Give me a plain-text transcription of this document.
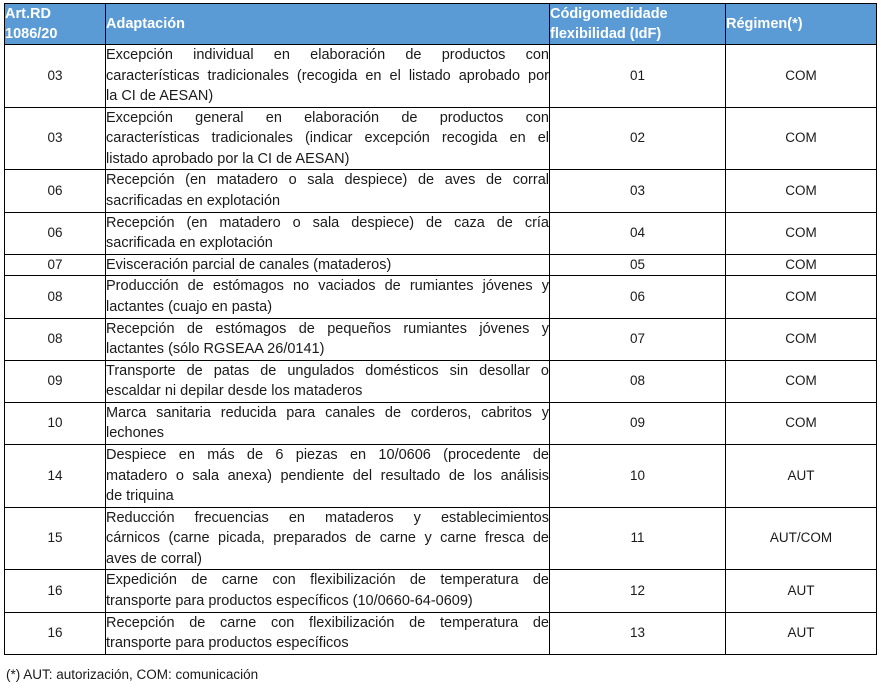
Art.RD
1086/20	Adaptación	Códigomedidade
flexibilidad (IdF)	Régimen(*)
03	Excepción individual en elaboración de productos con
características tradicionales (recogida en el listado aprobado por
la CI de AESAN)	01	COM
03	Excepción general en elaboración de productos con
características tradicionales (indicar excepción recogida en el
listado aprobado por la CI de AESAN)	02	COM
06	Recepción (en matadero o sala despiece) de aves de corral
sacrificadas en explotación	03	COM
06	Recepción (en matadero o sala despiece) de caza de cría
sacrificada en explotación	04	COM
07	Evisceración parcial de canales (mataderos)	05	COM
08	Producción de estómagos no vaciados de rumiantes jóvenes y
lactantes (cuajo en pasta)	06	COM
08	Recepción de estómagos de pequeños rumiantes jóvenes y
lactantes (sólo RGSEAA 26/0141)	07	COM
09	Transporte de patas de ungulados domésticos sin desollar o
escaldar ni depilar desde los mataderos	08	COM
10	Marca sanitaria reducida para canales de corderos, cabritos y
lechones	09	COM
14	Despiece en más de 6 piezas en 10/0606 (procedente de
matadero o sala anexa) pendiente del resultado de los análisis
de triquina	10	AUT
15	Reducción frecuencias en mataderos y establecimientos
cárnicos (carne picada, preparados de carne y carne fresca de
aves de corral)	11	AUT/COM
16	Expedición de carne con flexibilización de temperatura de
transporte para productos específicos (10/0660-64-0609)	12	AUT
16	Recepción de carne con flexibilización de temperatura de
transporte para productos específicos	13	AUT
(*) AUT: autorización, COM: comunicación
